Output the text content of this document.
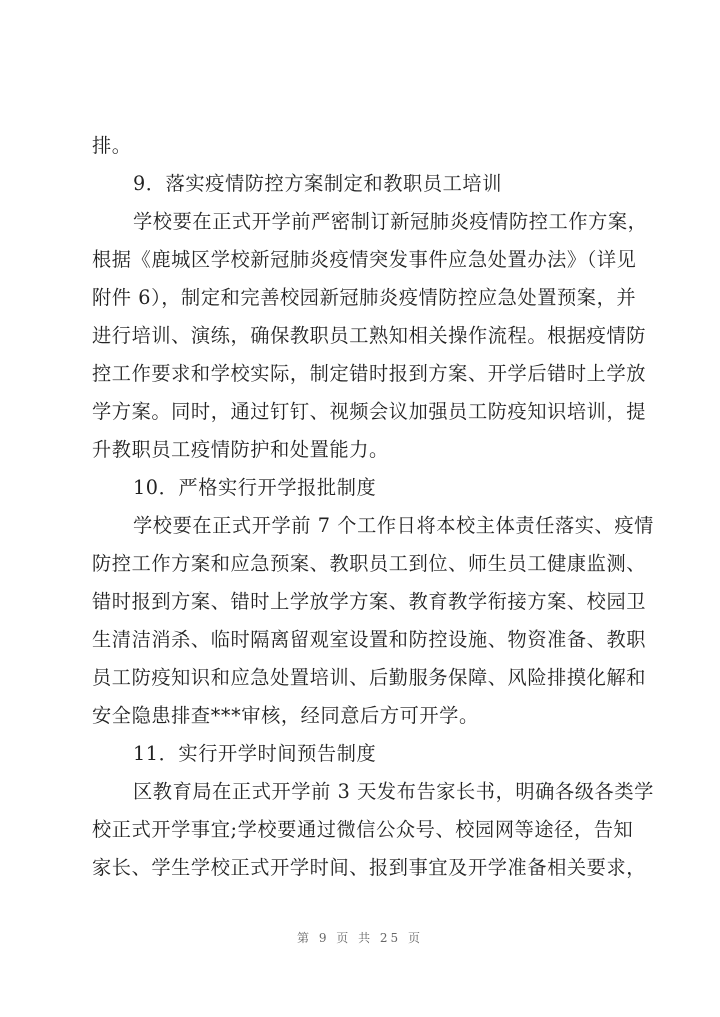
排。
9．落实疫情防控方案制定和教职员工培训
学校要在正式开学前严密制订新冠肺炎疫情防控工作方案，
根据《鹿城区学校新冠肺炎疫情突发事件应急处置办法》（详见
附件 6），制定和完善校园新冠肺炎疫情防控应急处置预案，并
进行培训、演练，确保教职员工熟知相关操作流程。根据疫情防
控工作要求和学校实际，制定错时报到方案、开学后错时上学放
学方案。同时，通过钉钉、视频会议加强员工防疫知识培训，提
升教职员工疫情防护和处置能力。
10．严格实行开学报批制度
学校要在正式开学前 7 个工作日将本校主体责任落实、疫情
防控工作方案和应急预案、教职员工到位、师生员工健康监测、
错时报到方案、错时上学放学方案、教育教学衔接方案、校园卫
生清洁消杀、临时隔离留观室设置和防控设施、物资准备、教职
员工防疫知识和应急处置培训、后勤服务保障、风险排摸化解和
安全隐患排查***审核，经同意后方可开学。
11．实行开学时间预告制度
区教育局在正式开学前 3 天发布告家长书，明确各级各类学
校正式开学事宜;学校要通过微信公众号、校园网等途径，告知
家长、学生学校正式开学时间、报到事宜及开学准备相关要求，
第 9 页 共 25 页
